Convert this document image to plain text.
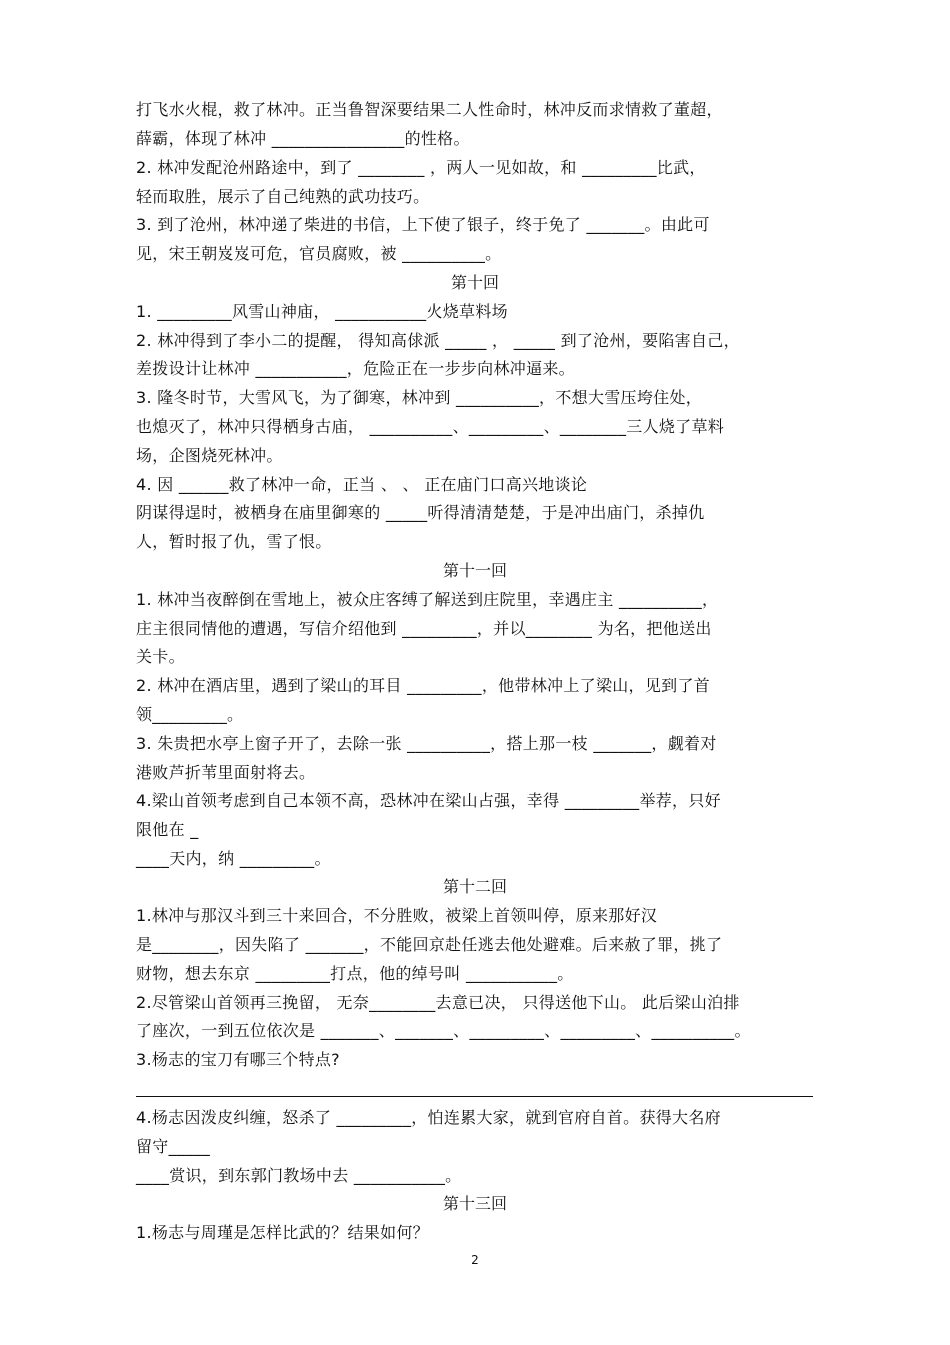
打飞水火棍，救了林冲。正当鲁智深要结果二人性命时，林冲反而求情救了董超，
薛霸，体现了林冲 ________________的性格。
2. 林冲发配沧州路途中，到了 ________ ，两人一见如故，和 _________比武，
轻而取胜，展示了自己纯熟的武功技巧。
3. 到了沧州，林冲递了柴进的书信，上下使了银子，终于免了 _______。由此可
见，宋王朝岌岌可危，官员腐败，被 __________。
第十回
1. _________风雪山神庙， ___________火烧草料场
2. 林冲得到了李小二的提醒， 得知高俅派 _____ ， _____ 到了沧州，要陷害自己，
差拨设计让林冲 ___________，危险正在一步步向林冲逼来。
3. 隆冬时节，大雪风飞，为了御寒，林冲到 __________，不想大雪压垮住处，
也熄灭了，林冲只得栖身古庙， __________、_________、________三人烧了草料
场，企图烧死林冲。
4. 因 ______救了林冲一命，正当 、 、 正在庙门口高兴地谈论
阴谋得逞时，被栖身在庙里御寒的 _____听得清清楚楚，于是冲出庙门，杀掉仇
人，暂时报了仇，雪了恨。
第十一回
1. 林冲当夜醉倒在雪地上，被众庄客缚了解送到庄院里，幸遇庄主 __________，
庄主很同情他的遭遇，写信介绍他到 _________，并以________ 为名，把他送出
关卡。
2. 林冲在酒店里，遇到了梁山的耳目 _________，他带林冲上了梁山，见到了首
领_________。
3. 朱贵把水亭上窗子开了，去除一张 __________，搭上那一枝 _______，觑着对
港败芦折苇里面射将去。
4.梁山首领考虑到自己本领不高，恐林冲在梁山占强，幸得 _________举荐，只好
限他在 _
____天内，纳 _________。
第十二回
1.林冲与那汉斗到三十来回合，不分胜败，被梁上首领叫停，原来那好汉
是________，因失陷了 _______，不能回京赴任逃去他处避难。后来赦了罪，挑了
财物，想去东京 _________打点，他的绰号叫 ___________。
2.尽管梁山首领再三挽留， 无奈________去意已决， 只得送他下山。 此后梁山泊排
了座次，一到五位依次是 _______、_______、_________、_________、__________。
3.杨志的宝刀有哪三个特点?
4.杨志因泼皮纠缠，怒杀了 _________，怕连累大家，就到官府自首。获得大名府
留守_____
____赏识，到东郭门教场中去 ___________。
第十三回
1.杨志与周瑾是怎样比武的？结果如何？
2
